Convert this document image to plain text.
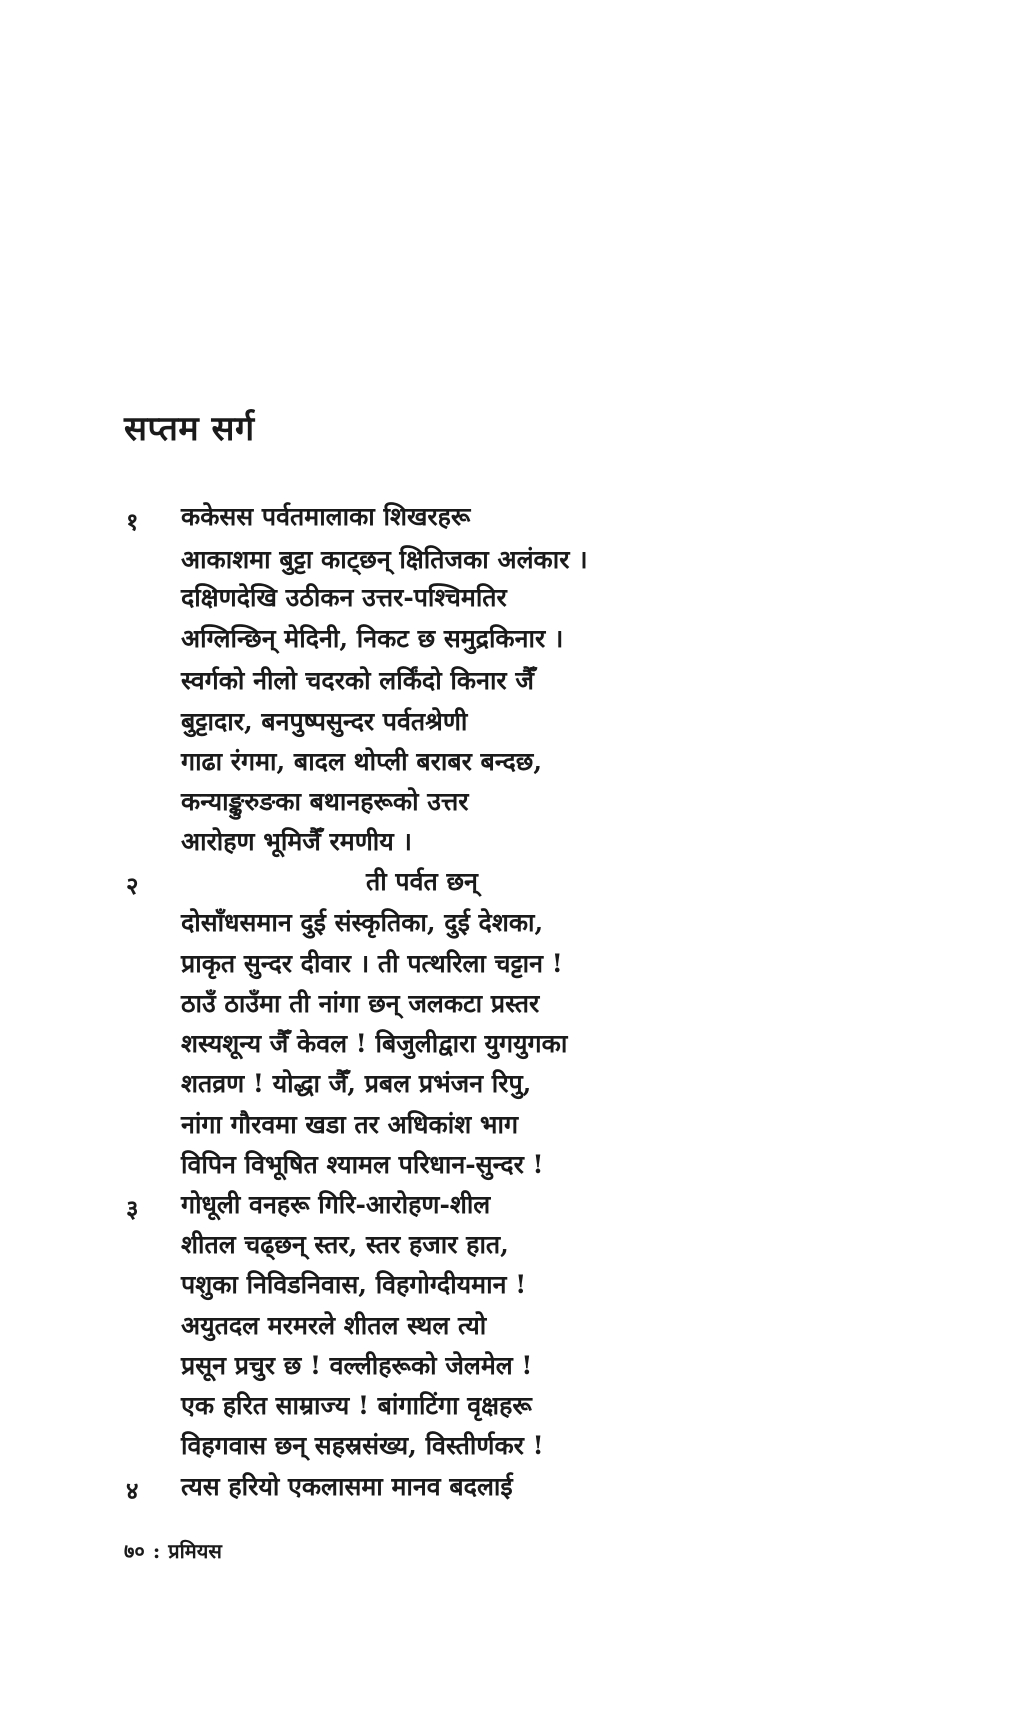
सप्तम सर्ग
१ ककेसस पर्वतमालाका शिखरहरू
आकाशमा बुट्टा काट्छन् क्षितिजका अलंकार ।
दक्षिणदेखि उठीकन उत्तर-पश्चिमतिर
अग्लिन्छिन् मेदिनी, निकट छ समुद्रकिनार ।
स्वर्गको नीलो चदरको लर्किंदो किनार जैँ
बुट्टादार, बनपुष्पसुन्दर पर्वतश्रेणी
गाढा रंगमा, बादल थोप्ली बराबर बन्दछ,
कन्याङ्कुरुङका बथानहरूको उत्तर
आरोहण भूमिजैँ रमणीय ।
२	ती पर्वत छन्
दोसाँधसमान दुई संस्कृतिका, दुई देशका,
प्राकृत सुन्दर दीवार । ती पत्थरिला चट्टान !
ठाउँ ठाउँमा ती नांगा छन् जलकटा प्रस्तर
शस्यशून्य जैँ केवल ! बिजुलीद्वारा युगयुगका
शतव्रण ! योद्धा जैँ, प्रबल प्रभंजन रिपु,
नांगा गौरवमा खडा तर अधिकांश भाग
विपिन विभूषित श्यामल परिधान-सुन्दर !
३ गोधूली वनहरू गिरि-आरोहण-शील
शीतल चढ्छन् स्तर, स्तर हजार हात,
पशुका निविडनिवास, विहगोग्दीयमान !
अयुतदल मरमरले शीतल स्थल त्यो
प्रसून प्रचुर छ ! वल्लीहरूको जेलमेल !
एक हरित साम्राज्य ! बांगाटिंगा वृक्षहरू
विहगवास छन् सहस्रसंख्य, विस्तीर्णकर !
४ त्यस हरियो एकलासमा मानव बदलाई
७० : प्रमियस
